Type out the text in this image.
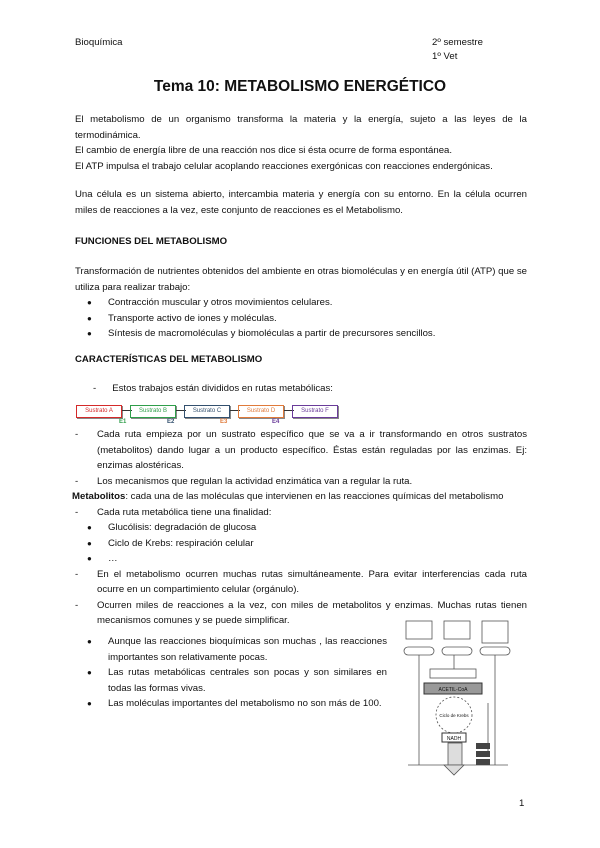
Bioquímica	2º semestre
1º Vet
Tema 10: METABOLISMO ENERGÉTICO
El metabolismo de un organismo transforma la materia y la energía, sujeto a las leyes de la termodinámica.
El cambio de energía libre de una reacción nos dice si ésta ocurre de forma espontánea.
El ATP impulsa el trabajo celular acoplando reacciones exergónicas con reacciones endergónicas.
Una célula es un sistema abierto, intercambia materia y energía con su entorno. En la célula ocurren miles de reacciones a la vez, este conjunto de reacciones es el Metabolismo.
FUNCIONES DEL METABOLISMO
Transformación de nutrientes obtenidos del ambiente en otras biomoléculas y en energía útil (ATP) que se utiliza para realizar trabajo:
● Contracción muscular y otros movimientos celulares.
● Transporte activo de iones y moléculas.
● Síntesis de macromoléculas y biomoléculas a partir de precursores sencillos.
CARACTERÍSTICAS DEL METABOLISMO
- Estos trabajos están divididos en rutas metabólicas:
Sustrato A
E1
Sustrato B
E2
Sustrato C
E3
Sustrato D
E4
Sustrato F
- Cada ruta empieza por un sustrato específico que se va a ir transformando en otros sustratos (metabolitos) dando lugar a un producto específico. Éstas están reguladas por las enzimas. Ej: enzimas alostéricas.
- Los mecanismos que regulan la actividad enzimática van a regular la ruta.
Metabolitos: cada una de las moléculas que intervienen en las reacciones químicas del metabolismo
- Cada ruta metabólica tiene una finalidad:
● Glucólisis: degradación de glucosa
● Ciclo de Krebs: respiración celular
● …
- En el metabolismo ocurren muchas rutas simultáneamente. Para evitar interferencias cada ruta ocurre en un compartimiento celular (orgánulo).
- Ocurren miles de reacciones a la vez, con miles de metabolitos y enzimas. Muchas rutas tienen mecanismos comunes y se puede simplificar.
● Aunque las reacciones bioquímicas son muchas , las reacciones importantes son relativamente pocas.
● Las rutas metabólicas centrales son pocas y son similares en todas las formas vivas.
● Las moléculas importantes del metabolismo no son más de 100.
ACETIL-CoA
Ciclo de Krebs
NADH
1
